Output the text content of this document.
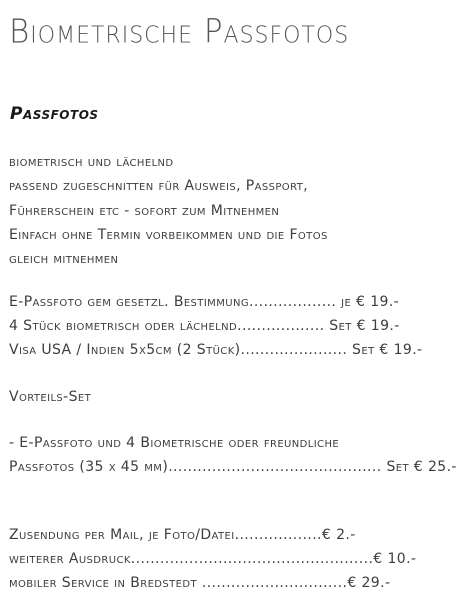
Biometrische Passfotos
Passfotos
biometrisch und lächelnd
passend zugeschnitten für Ausweis, Passport,
Führerschein etc - sofort zum Mitnehmen
Einfach ohne Termin vorbeikommen und die Fotos
gleich mitnehmen
E-Passfoto gem gesetzl. Bestimmung.................. je € 19.-
4 Stück biometrisch oder lächelnd.................. Set € 19.-
Visa USA / Indien 5x5cm (2 Stück)...................... Set € 19.-
Vorteils-Set
- E-Passfoto und 4 Biometrische oder freundliche
Passfotos (35 x 45 mm)............................................ Set € 25.-
Zusendung per Mail, je Foto/Datei..................€ 2.-
weiterer Ausdruck..................................................€ 10.-
mobiler Service in Bredstedt ..............................€ 29.-
